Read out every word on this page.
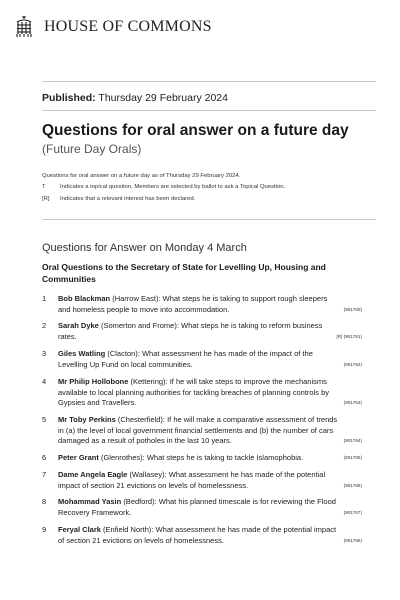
HOUSE OF COMMONS
Published: Thursday 29 February 2024
Questions for oral answer on a future day
(Future Day Orals)
Questions for oral answer on a future day as of Thursday 29 February 2024.
T Indicates a topical question. Members are selected by ballot to ask a Topical Question.
[R] Indicates that a relevant interest has been declared.
Questions for Answer on Monday 4 March
Oral Questions to the Secretary of State for Levelling Up, Housing and Communities
1 Bob Blackman (Harrow East): What steps he is taking to support rough sleepers and homeless people to move into accommodation.	(901760)
2 Sarah Dyke (Somerton and Frome): What steps he is taking to reform business rates.	[R] (901761)
3 Giles Watling (Clacton): What assessment he has made of the impact of the Levelling Up Fund on local communities.	(901762)
4 Mr Philip Hollobone (Kettering): If he will take steps to improve the mechanisms available to local planning authorities for tackling breaches of planning controls by Gypsies and Travellers.	(901763)
5 Mr Toby Perkins (Chesterfield): If he will make a comparative assessment of trends in (a) the level of local government financial settlements and (b) the number of cars damaged as a result of potholes in the last 10 years.	(901764)
6 Peter Grant (Glenrothes): What steps he is taking to tackle Islamophobia.	(901765)
7 Dame Angela Eagle (Wallasey): What assessment he has made of the potential impact of section 21 evictions on levels of homelessness.	(901766)
8 Mohammad Yasin (Bedford): What his planned timescale is for reviewing the Flood Recovery Framework.	(901767)
9 Feryal Clark (Enfield North): What assessment he has made of the potential impact of section 21 evictions on levels of homelessness.	(901768)
